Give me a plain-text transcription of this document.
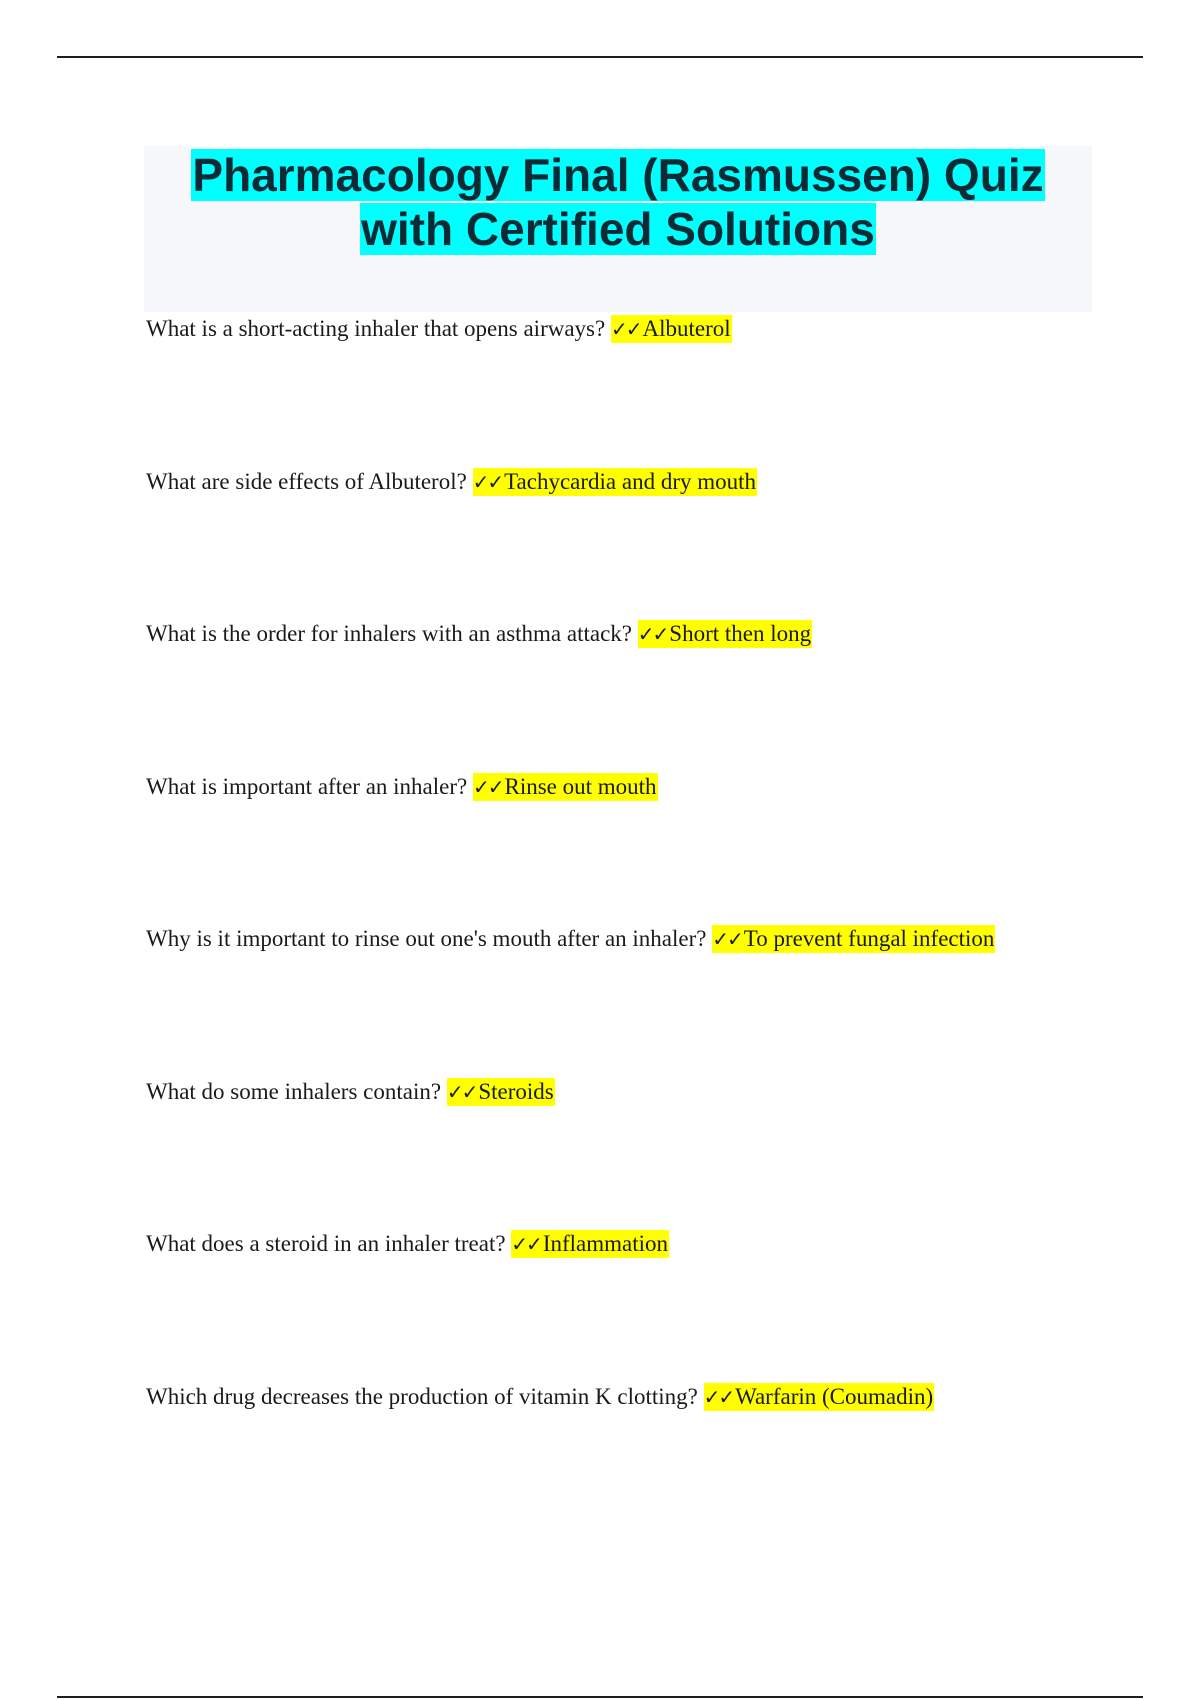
Pharmacology Final (Rasmussen) Quiz
with Certified Solutions
What is a short-acting inhaler that opens airways? ✓✓Albuterol
What are side effects of Albuterol? ✓✓Tachycardia and dry mouth
What is the order for inhalers with an asthma attack? ✓✓Short then long
What is important after an inhaler? ✓✓Rinse out mouth
Why is it important to rinse out one's mouth after an inhaler? ✓✓To prevent fungal infection
What do some inhalers contain? ✓✓Steroids
What does a steroid in an inhaler treat? ✓✓Inflammation
Which drug decreases the production of vitamin K clotting? ✓✓Warfarin (Coumadin)
